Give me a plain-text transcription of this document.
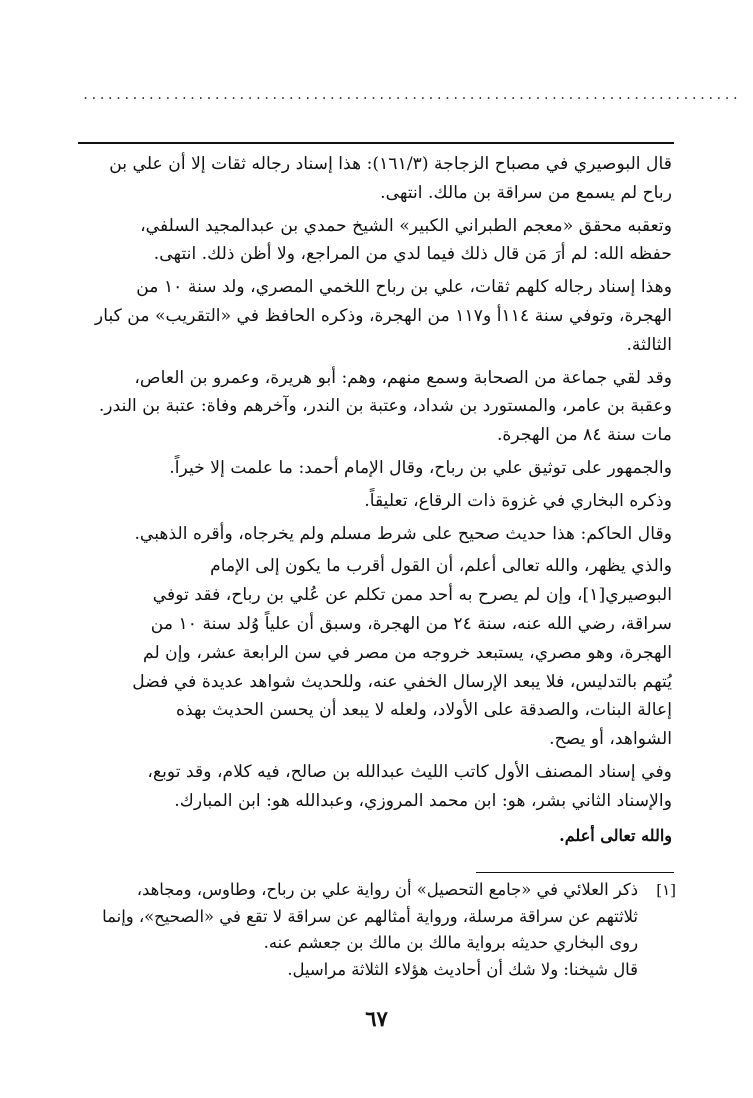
................................................................................
قال البوصيري في مصباح الزجاجة (١٦١/٣): هذا إسناد رجاله ثقات إلا أن علي بن
رباح لم يسمع من سراقة بن مالك. انتهى.
وتعقبه محقق «معجم الطبراني الكبير» الشيخ حمدي بن عبدالمجيد السلفي،
حفظه الله: لم أرَ مَن قال ذلك فيما لدي من المراجع، ولا أظن ذلك. انتهى.
وهذا إسناد رجاله كلهم ثقات، علي بن رباح اللخمي المصري، ولد سنة ١٠ من
الهجرة، وتوفي سنة ١١٤أ و١١٧ من الهجرة، وذكره الحافظ في «التقريب» من كبار
الثالثة.
وقد لقي جماعة من الصحابة وسمع منهم، وهم: أبو هريرة، وعمرو بن العاص،
وعقبة بن عامر، والمستورد بن شداد، وعتبة بن الندر، وآخرهم وفاة: عتبة بن الندر.
مات سنة ٨٤ من الهجرة.
والجمهور على توثيق علي بن رباح، وقال الإمام أحمد: ما علمت إلا خيراً.
وذكره البخاري في غزوة ذات الرقاع، تعليقاً.
وقال الحاكم: هذا حديث صحيح على شرط مسلم ولم يخرجاه، وأقره الذهبي.
والذي يظهر، والله تعالى أعلم، أن القول أقرب ما يكون إلى الإمام
البوصيري[١]، وإن لم يصرح به أحد ممن تكلم عن عُلي بن رباح، فقد توفي
سراقة، رضي الله عنه، سنة ٢٤ من الهجرة، وسبق أن علياً وُلد سنة ١٠ من
الهجرة، وهو مصري، يستبعد خروجه من مصر في سن الرابعة عشر، وإن لم
يُتهم بالتدليس، فلا يبعد الإرسال الخفي عنه، وللحديث شواهد عديدة في فضل
إعالة البنات، والصدقة على الأولاد، ولعله لا يبعد أن يحسن الحديث بهذه
الشواهد، أو يصح.
وفي إسناد المصنف الأول كاتب الليث عبدالله بن صالح، فيه كلام، وقد توبع،
والإسناد الثاني بشر، هو: ابن محمد المروزي، وعبدالله هو: ابن المبارك.
والله تعالى أعلم.
[١]
ذكر العلائي في «جامع التحصيل» أن رواية علي بن رباح، وطاوس، ومجاهد،
ثلاثتهم عن سراقة مرسلة، ورواية أمثالهم عن سراقة لا تقع في «الصحيح»، وإنما
روى البخاري حديثه برواية مالك بن مالك بن جعشم عنه.
قال شيخنا: ولا شك أن أحاديث هؤلاء الثلاثة مراسيل.
٦٧
